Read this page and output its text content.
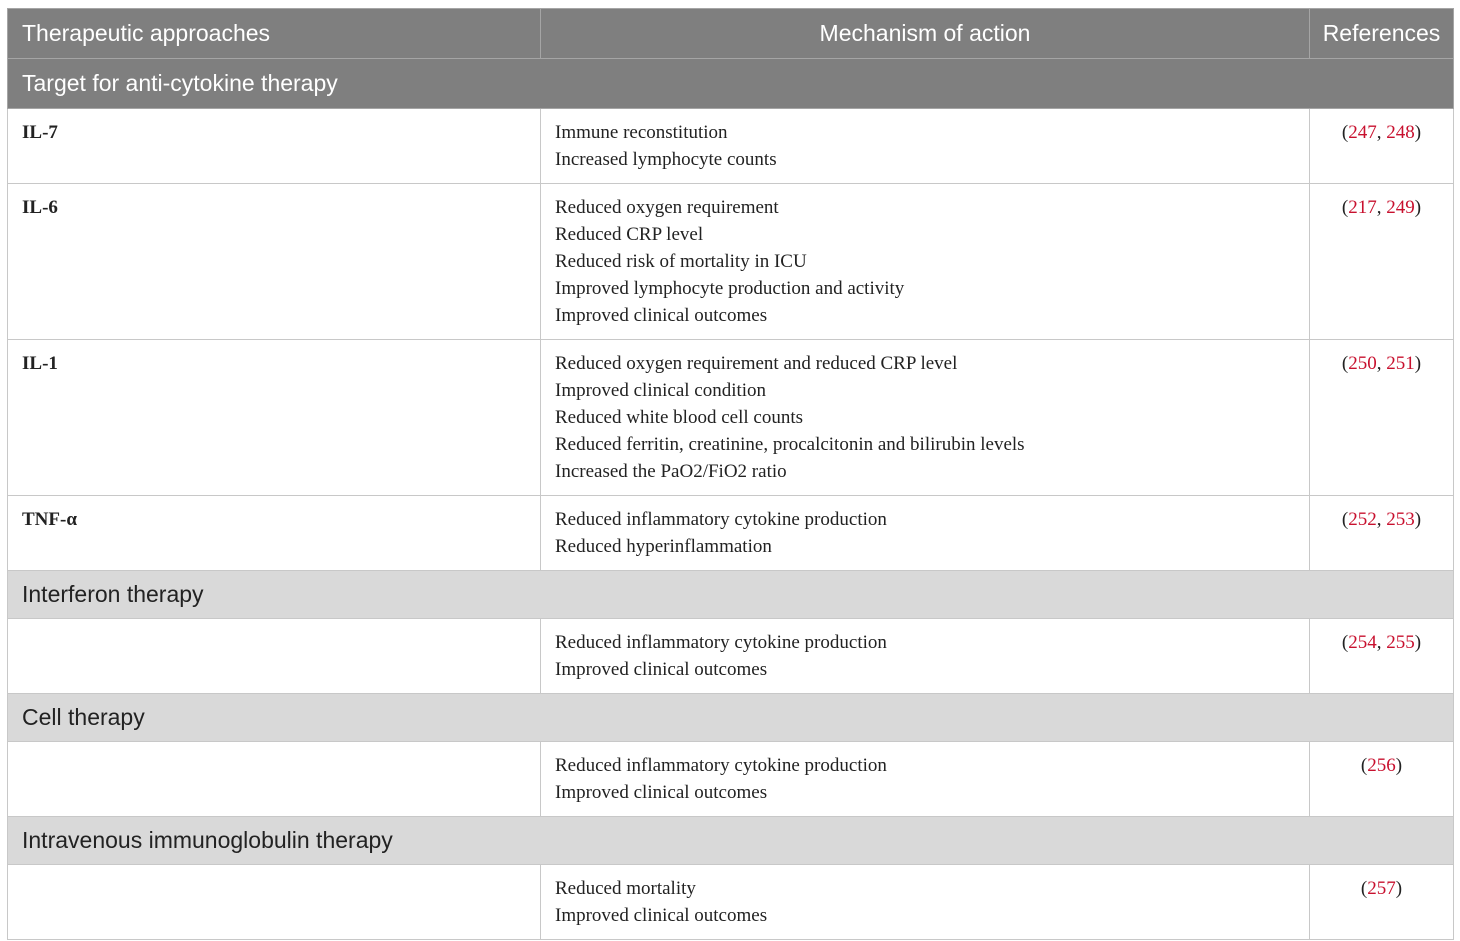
Therapeutic approaches	Mechanism of action	References
Target for anti-cytokine therapy		
IL-7	Immune reconstitution
Increased lymphocyte counts	(247, 248)
IL-6	Reduced oxygen requirement
Reduced CRP level
Reduced risk of mortality in ICU
Improved lymphocyte production and activity
Improved clinical outcomes	(217, 249)
IL-1	Reduced oxygen requirement and reduced CRP level
Improved clinical condition
Reduced white blood cell counts
Reduced ferritin, creatinine, procalcitonin and bilirubin levels
Increased the PaO2/FiO2 ratio	(250, 251)
TNF-α	Reduced inflammatory cytokine production
Reduced hyperinflammation	(252, 253)
Interferon therapy		

	Reduced inflammatory cytokine production
Improved clinical outcomes	(254, 255)
Cell therapy		

	Reduced inflammatory cytokine production
Improved clinical outcomes	(256)
Intravenous immunoglobulin therapy		

	Reduced mortality
Improved clinical outcomes	(257)
